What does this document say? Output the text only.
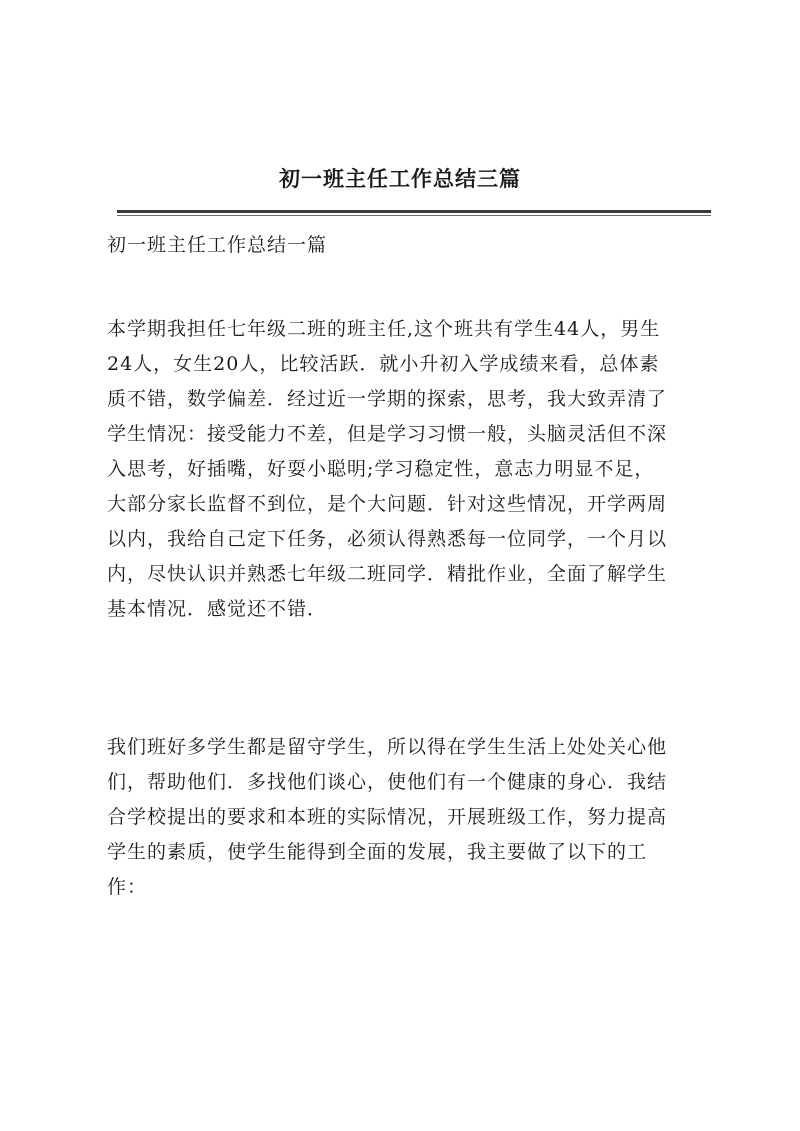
初一班主任工作总结三篇
初一班主任工作总结一篇

本学期我担任七年级二班的班主任,这个班共有学生44人，男生
24人，女生20人，比较活跃．就小升初入学成绩来看，总体素
质不错，数学偏差．经过近一学期的探索，思考，我大致弄清了
学生情况：接受能力不差，但是学习习惯一般，头脑灵活但不深
入思考，好插嘴，好耍小聪明;学习稳定性，意志力明显不足，
大部分家长监督不到位，是个大问题．针对这些情况，开学两周
以内，我给自己定下任务，必须认得熟悉每一位同学，一个月以
内，尽快认识并熟悉七年级二班同学．精批作业，全面了解学生
基本情况．感觉还不错．

我们班好多学生都是留守学生，所以得在学生生活上处处关心他
们，帮助他们．多找他们谈心，使他们有一个健康的身心．我结
合学校提出的要求和本班的实际情况，开展班级工作，努力提高
学生的素质，使学生能得到全面的发展，我主要做了以下的工
作：
